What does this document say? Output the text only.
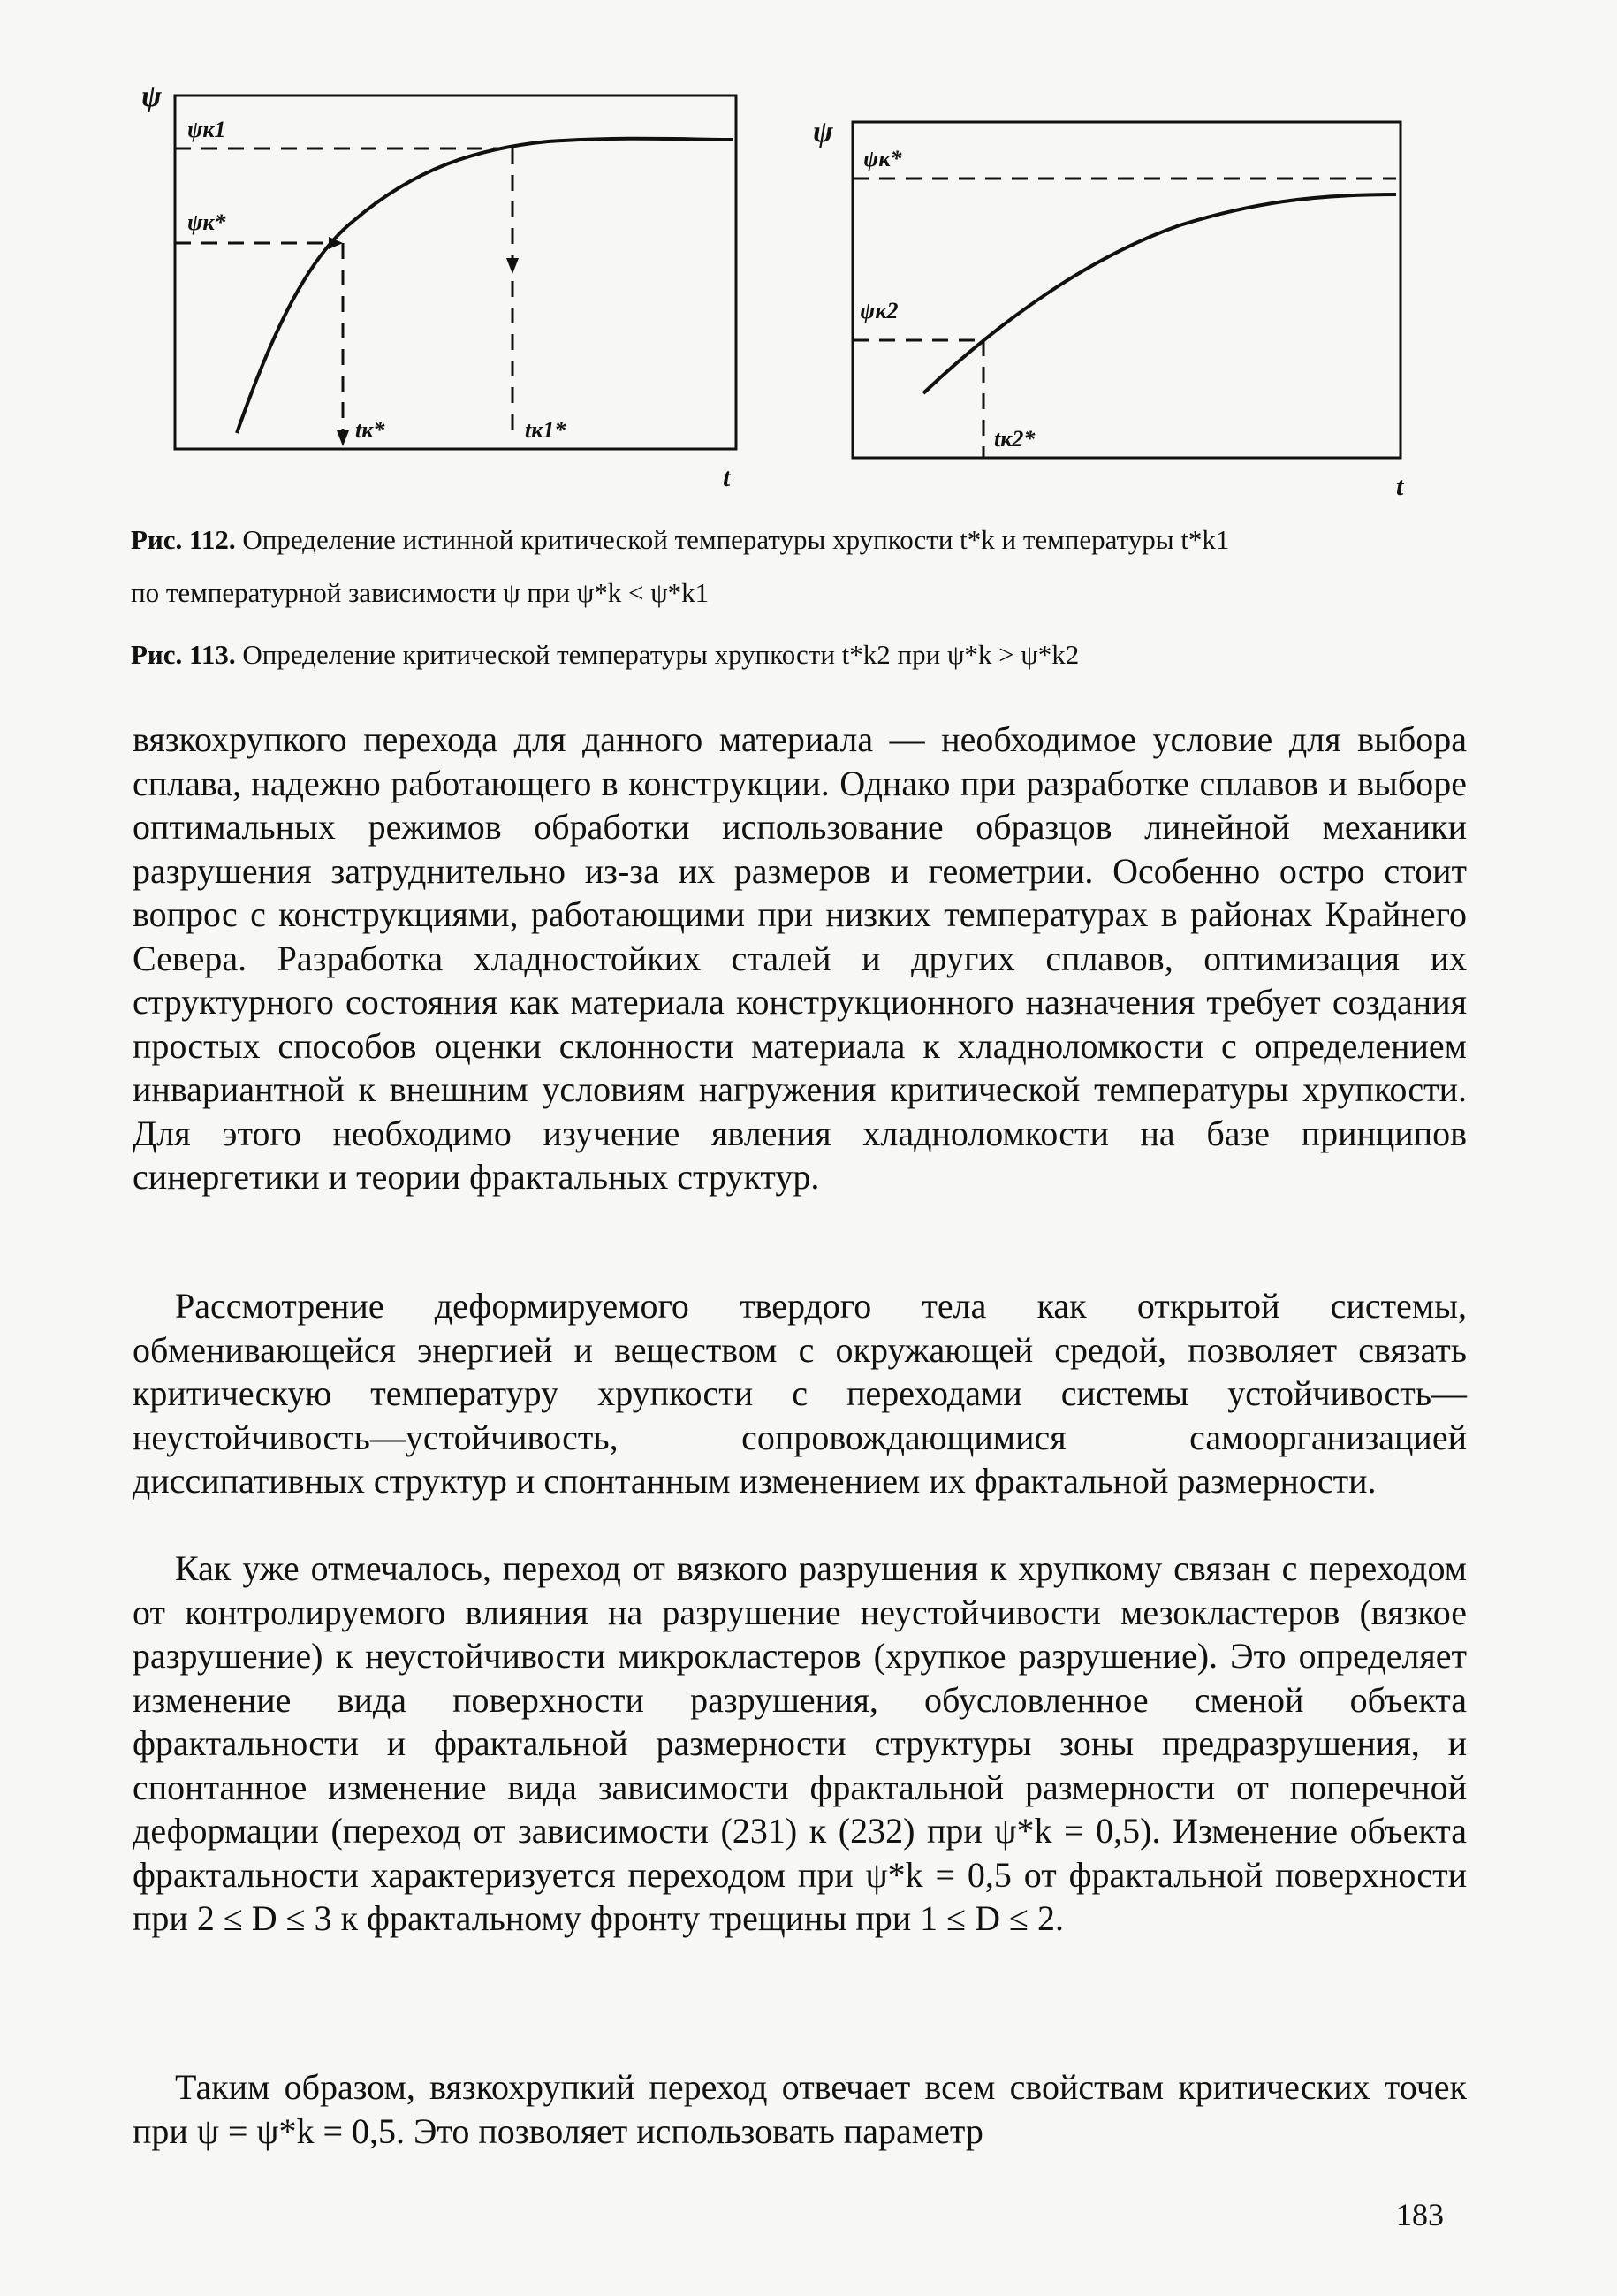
ψ
ψк1
ψк*
tк*	tк1*
t
ψ
ψк*
ψк2
tк2*
t
Рис. 112. Определение истинной критической температуры хрупкости t*k и температуры t*k1
по температурной зависимости ψ при ψ*k < ψ*k1
Рис. 113. Определение критической температуры хрупкости t*k2 при ψ*k > ψ*k2

вязкохрупкого перехода для данного материала — необходимое условие для выбора сплава, надежно работающего в конструкции. Однако при разработке сплавов и выборе оптимальных режимов обработки использование образцов линейной механики разрушения затруднительно из-за их размеров и геометрии. Особенно остро стоит вопрос с конструкциями, работающими при низких температурах в районах Крайнего Севера. Разработка хладностойких сталей и других сплавов, оптимизация их структурного состояния как материала конструкционного назначения требует создания простых способов оценки склонности материала к хладноломкости с определением инвариантной к внешним условиям нагружения критической температуры хрупкости. Для этого необходимо изучение явления хладноломкости на базе принципов синергетики и теории фрактальных структур.

Рассмотрение деформируемого твердого тела как открытой системы, обменивающейся энергией и веществом с окружающей средой, позволяет связать критическую температуру хрупкости с переходами системы устойчивость—неустойчивость—устойчивость, сопровождающимися самоорганизацией диссипативных структур и спонтанным изменением их фрактальной размерности.

Как уже отмечалось, переход от вязкого разрушения к хрупкому связан с переходом от контролируемого влияния на разрушение неустойчивости мезокластеров (вязкое разрушение) к неустойчивости микрокластеров (хрупкое разрушение). Это определяет изменение вида поверхности разрушения, обусловленное сменой объекта фрактальности и фрактальной размерности структуры зоны предразрушения, и спонтанное изменение вида зависимости фрактальной размерности от поперечной деформации (переход от зависимости (231) к (232) при ψ*k = 0,5). Изменение объекта фрактальности характеризуется переходом при ψ*k = 0,5 от фрактальной поверхности при 2 ≤ D ≤ 3 к фрактальному фронту трещины при 1 ≤ D ≤ 2.

Таким образом, вязкохрупкий переход отвечает всем свойствам критических точек при ψ = ψ*k = 0,5. Это позволяет использовать параметр

183
